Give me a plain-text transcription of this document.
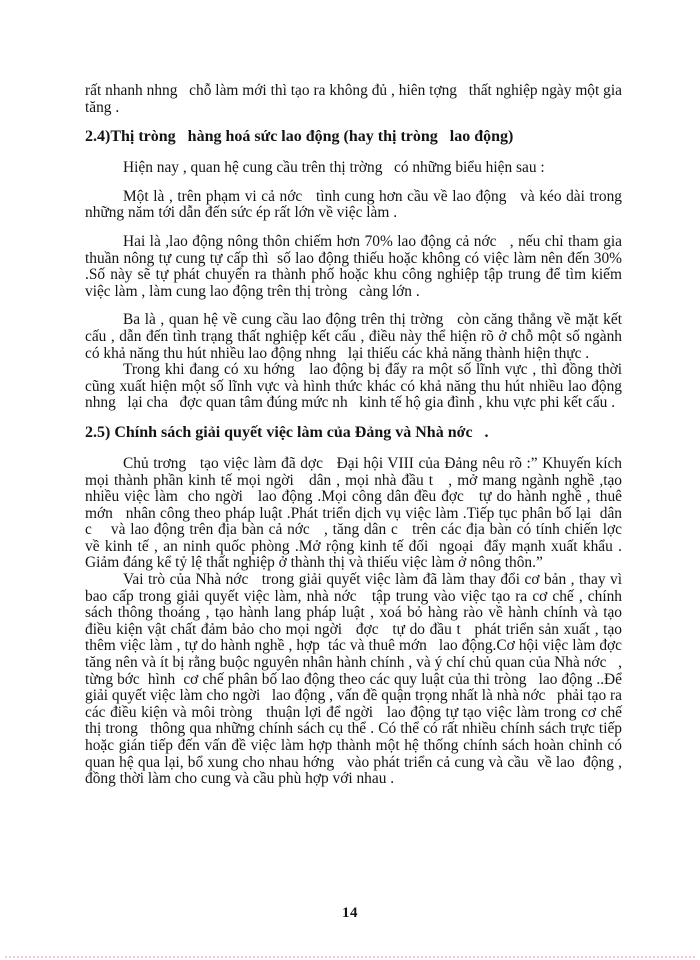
rất nhanh nhng   chỗ làm mới thì tạo ra không đủ , hiên tợng   thất nghiệp ngày một gia tăng .

2.4)Thị tròng   hàng hoá sức lao động (hay thị tròng   lao động)

Hiện nay , quan hệ cung cầu trên thị trờng   có những biểu hiện sau :

Một là , trên phạm vi cả nớc   tình cung hơn cầu về lao động   và kéo dài trong những năm tới dẫn đến sức ép rất lớn về việc làm .

Hai là ,lao động nông thôn chiếm hơn 70% lao động cả nớc   , nếu chỉ tham gia thuần nông tự cung tự cấp thì  số lao động thiếu hoặc không có việc làm nên đến 30% .Số này sẽ tự phát chuyển ra thành phố hoặc khu công nghiệp tập trung để tìm kiếm việc làm , làm cung lao động trên thị tròng   càng lớn .

Ba là , quan hệ về cung cầu lao động trên thị trờng   còn căng thẳng về mặt kết cấu , dẫn đến tình trạng thất nghiệp kết cấu , điều này thể hiện rõ ở chỗ một số ngành có khả năng thu hút nhiều lao động nhng   lại thiếu các khả năng thành hiện thực .

Trong khi đang có xu hớng   lao động bị đẩy ra một số lĩnh vực , thì đồng thời cũng xuất hiện một số lĩnh vực và hình thức khác có khả năng thu hút nhiều lao động nhng   lại cha   đợc quan tâm đúng mức nh   kinh tế hộ gia đình , khu vực phi kết cấu .

2.5) Chính sách giải quyết việc làm của Đảng và Nhà nớc   .

Chủ trơng   tạo việc làm đã dợc   Đại hội VIII của Đảng nêu rõ :” Khuyến kích mọi thành phần kinh tế mọi ngời   dân , mọi nhà đầu t   , mở mang ngành nghề ,tạo nhiều việc làm  cho ngời   lao động .Mọi công dân đều đợc   tự do hành nghề , thuê mớn   nhân công theo pháp luật .Phát triển dịch vụ việc làm .Tiếp tục phân bố lại  dân c    và lao động trên địa bàn cả nớc   , tăng dân c   trên các địa bàn có tính chiến lợc   về kinh tế , an ninh quốc phòng .Mở rộng kinh tế đối  ngoại  đẩy mạnh xuất khẩu . Giảm đáng kể tỷ lệ thất nghiệp ở thành thị và thiếu việc làm ở nông thôn.”

Vai trò của Nhà nớc   trong giải quyết việc làm đã làm thay đổi cơ bản , thay vì bao cấp trong giải quyết việc làm, nhà nớc   tập trung vào việc tạo ra cơ chế , chính sách thông thoáng , tạo hành lang pháp luật , xoá bỏ hàng rào về hành chính và tạo điều kiện vật chất đảm bảo cho mọi ngời   đợc   tự do đầu t   phát triển sản xuất , tạo thêm việc làm , tự do hành nghề , hợp  tác và thuê mớn   lao động.Cơ hội việc làm đợc   tăng nên và ít bị rằng buộc nguyên nhân hành chính , và ý chí chủ quan của Nhà nớc   , từng bớc  hình  cơ chế phân bố lao động theo các quy luật của thi tròng   lao động ..Để  giải quyết việc làm cho ngời   lao động , vấn đề quận trọng nhất là nhà nớc   phải tạo ra các điều kiện và môi tròng   thuận lợi để ngời   lao động tự tạo việc làm trong cơ chế thị trong   thông qua những chính sách cụ thể . Có thể có rất nhiều chính sách trực tiếp hoặc gián tiếp đến vấn đề việc làm hợp thành một hệ thống chính sách hoàn chỉnh có quan hệ qua lại, bổ xung cho nhau hớng   vào phát triển cả cung và cầu  về lao  động , đồng thời làm cho cung và cầu phù hợp với nhau .

14
